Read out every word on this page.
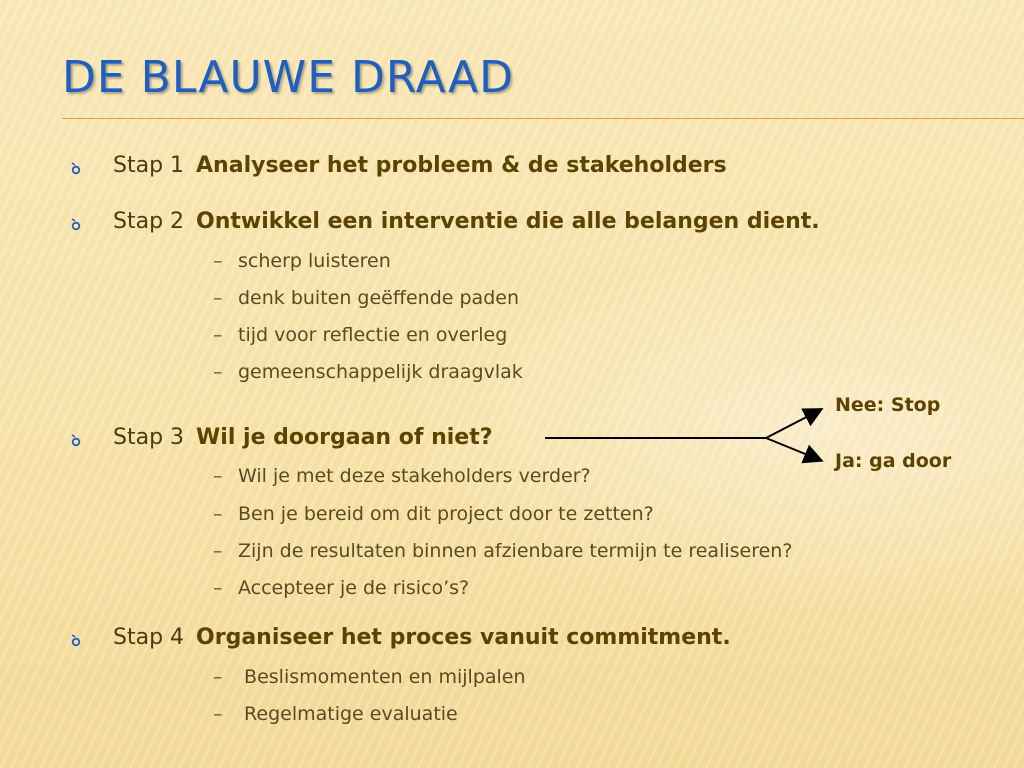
DE BLAUWE DRAAD
Stap 1 Analyseer het probleem & de stakeholders
Stap 2 Ontwikkel een interventie die alle belangen dient.
– scherp luisteren
– denk buiten geëffende paden
– tijd voor reflectie en overleg
– gemeenschappelijk draagvlak
Stap 3 Wil je doorgaan of niet?
– Wil je met deze stakeholders verder?
– Ben je bereid om dit project door te zetten?
– Zijn de resultaten binnen afzienbare termijn te realiseren?
– Accepteer je de risico’s?
Nee: Stop
Ja: ga door
Stap 4 Organiseer het proces vanuit commitment.
– Beslismomenten en mijlpalen
– Regelmatige evaluatie
